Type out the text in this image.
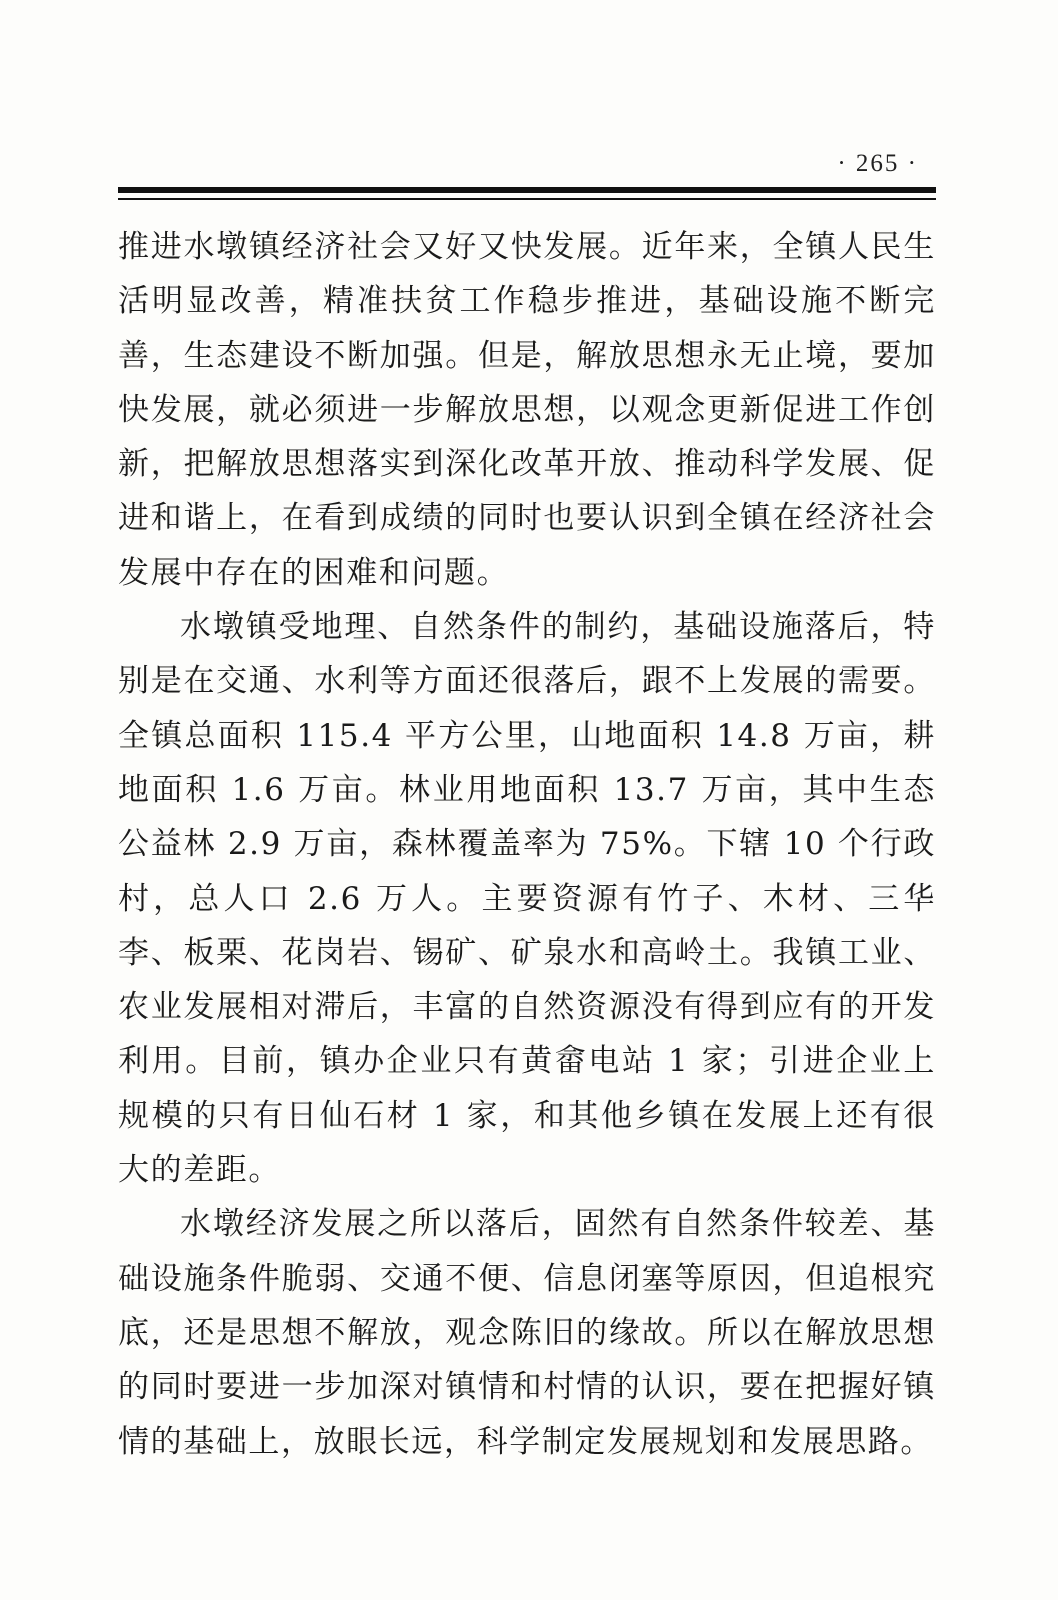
· 265 ·

推进水墩镇经济社会又好又快发展。近年来，全镇人民生活明显改善，精准扶贫工作稳步推进，基础设施不断完善，生态建设不断加强。但是，解放思想永无止境，要加快发展，就必须进一步解放思想，以观念更新促进工作创新，把解放思想落实到深化改革开放、推动科学发展、促进和谐上，在看到成绩的同时也要认识到全镇在经济社会发展中存在的困难和问题。

水墩镇受地理、自然条件的制约，基础设施落后，特别是在交通、水利等方面还很落后，跟不上发展的需要。全镇总面积 115.4 平方公里，山地面积 14.8 万亩，耕地面积 1.6 万亩。林业用地面积 13.7 万亩，其中生态公益林 2.9 万亩，森林覆盖率为 75%。下辖 10 个行政村，总人口 2.6 万人。主要资源有竹子、木材、三华李、板栗、花岗岩、锡矿、矿泉水和高岭土。我镇工业、农业发展相对滞后，丰富的自然资源没有得到应有的开发利用。目前，镇办企业只有黄畲电站 1 家；引进企业上规模的只有日仙石材 1 家，和其他乡镇在发展上还有很大的差距。

水墩经济发展之所以落后，固然有自然条件较差、基础设施条件脆弱、交通不便、信息闭塞等原因，但追根究底，还是思想不解放，观念陈旧的缘故。所以在解放思想的同时要进一步加深对镇情和村情的认识，要在把握好镇情的基础上，放眼长远，科学制定发展规划和发展思路。
